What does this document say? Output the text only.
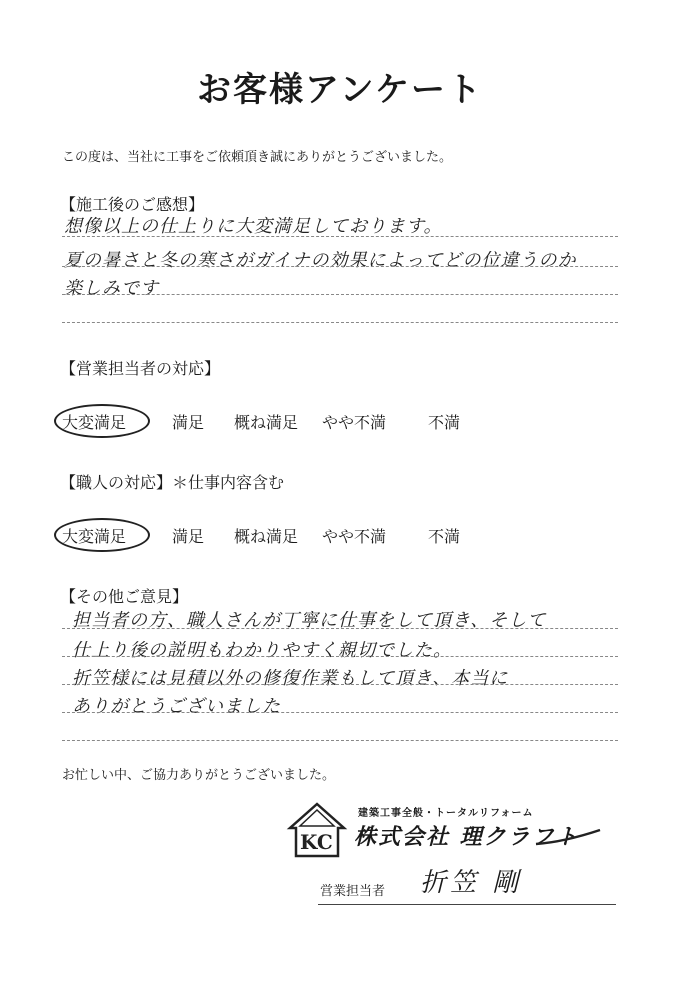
お客様アンケート
この度は、当社に工事をご依頼頂き誠にありがとうございました。
【施工後のご感想】
想像以上の仕上りに大変満足しております。
夏の暑さと冬の寒さがガイナの効果によってどの位違うのか
楽しみです
【営業担当者の対応】
大変満足	満足 概ね満足 やや不満	不満
【職人の対応】＊仕事内容含む
大変満足	満足 概ね満足 やや不満	不満
【その他ご意見】
担当者の方、職人さんが丁寧に仕事をして頂き、そして
仕上り後の説明もわかりやすく親切でした。
折笠様には見積以外の修復作業もして頂き、本当に
ありがとうございました
お忙しい中、ご協力ありがとうございました。
KC
建築工事全般・トータルリフォーム
株式会社 理クラフト
営業担当者 折笠 剛
